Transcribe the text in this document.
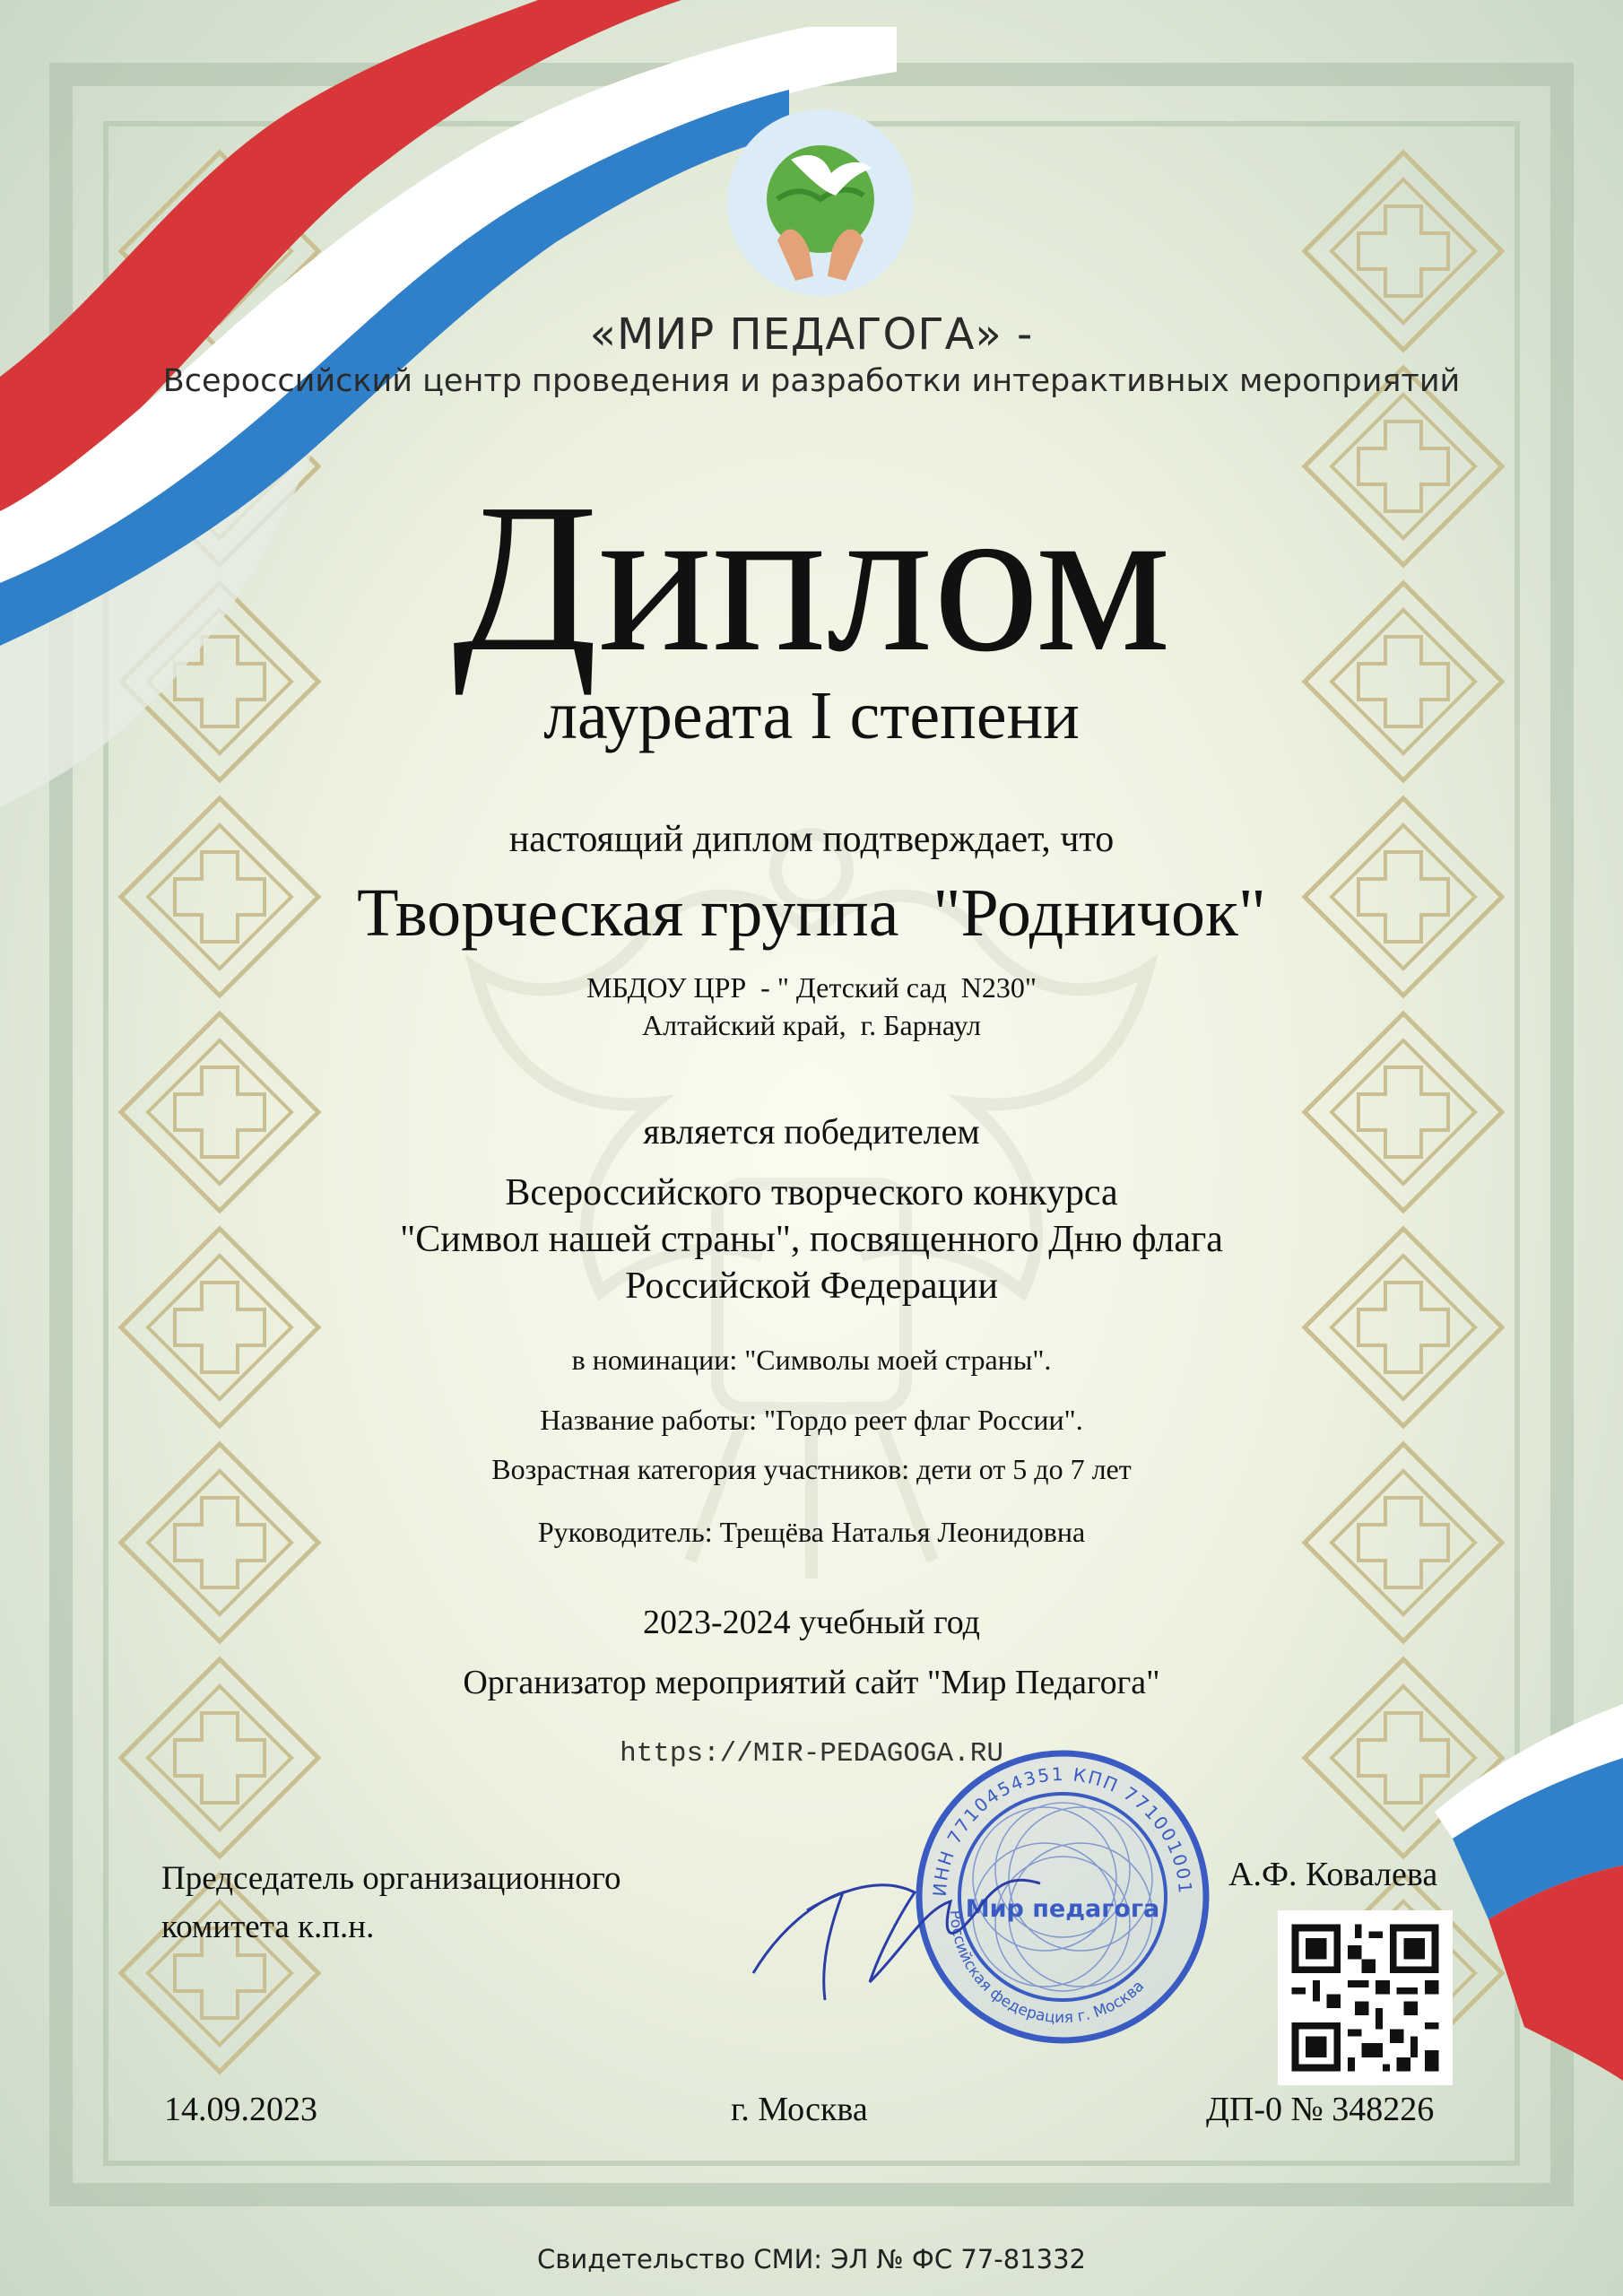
«МИР ПЕДАГОГА» -
Всероссийский центр проведения и разработки интерактивных мероприятий
Диплом
лауреата I степени
настоящий диплом подтверждает, что
Творческая группа  "Родничок"
МБДОУ ЦРР  - " Детский сад  N230"
Алтайский край,  г. Барнаул
является победителем
Всероссийского творческого конкурса
"Символ нашей страны", посвященного Дню флага
Российской Федерации
в номинации: "Символы моей страны".
Название работы: "Гордо реет флаг России".
Возрастная категория участников: дети от 5 до 7 лет
Руководитель: Трещёва Наталья Леонидовна
2023-2024 учебный год
Организатор мероприятий сайт "Мир Педагога"
https://MIR-PEDAGOGA.RU
Председатель организационного
комитета к.п.н.
А.Ф. Ковалева
ИНН 7710454351 КПП 771001001
Российская федерация г. Москва
Мир педагога
14.09.2023	г. Москва	ДП-0 № 348226
Свидетельство СМИ: ЭЛ № ФС 77-81332
